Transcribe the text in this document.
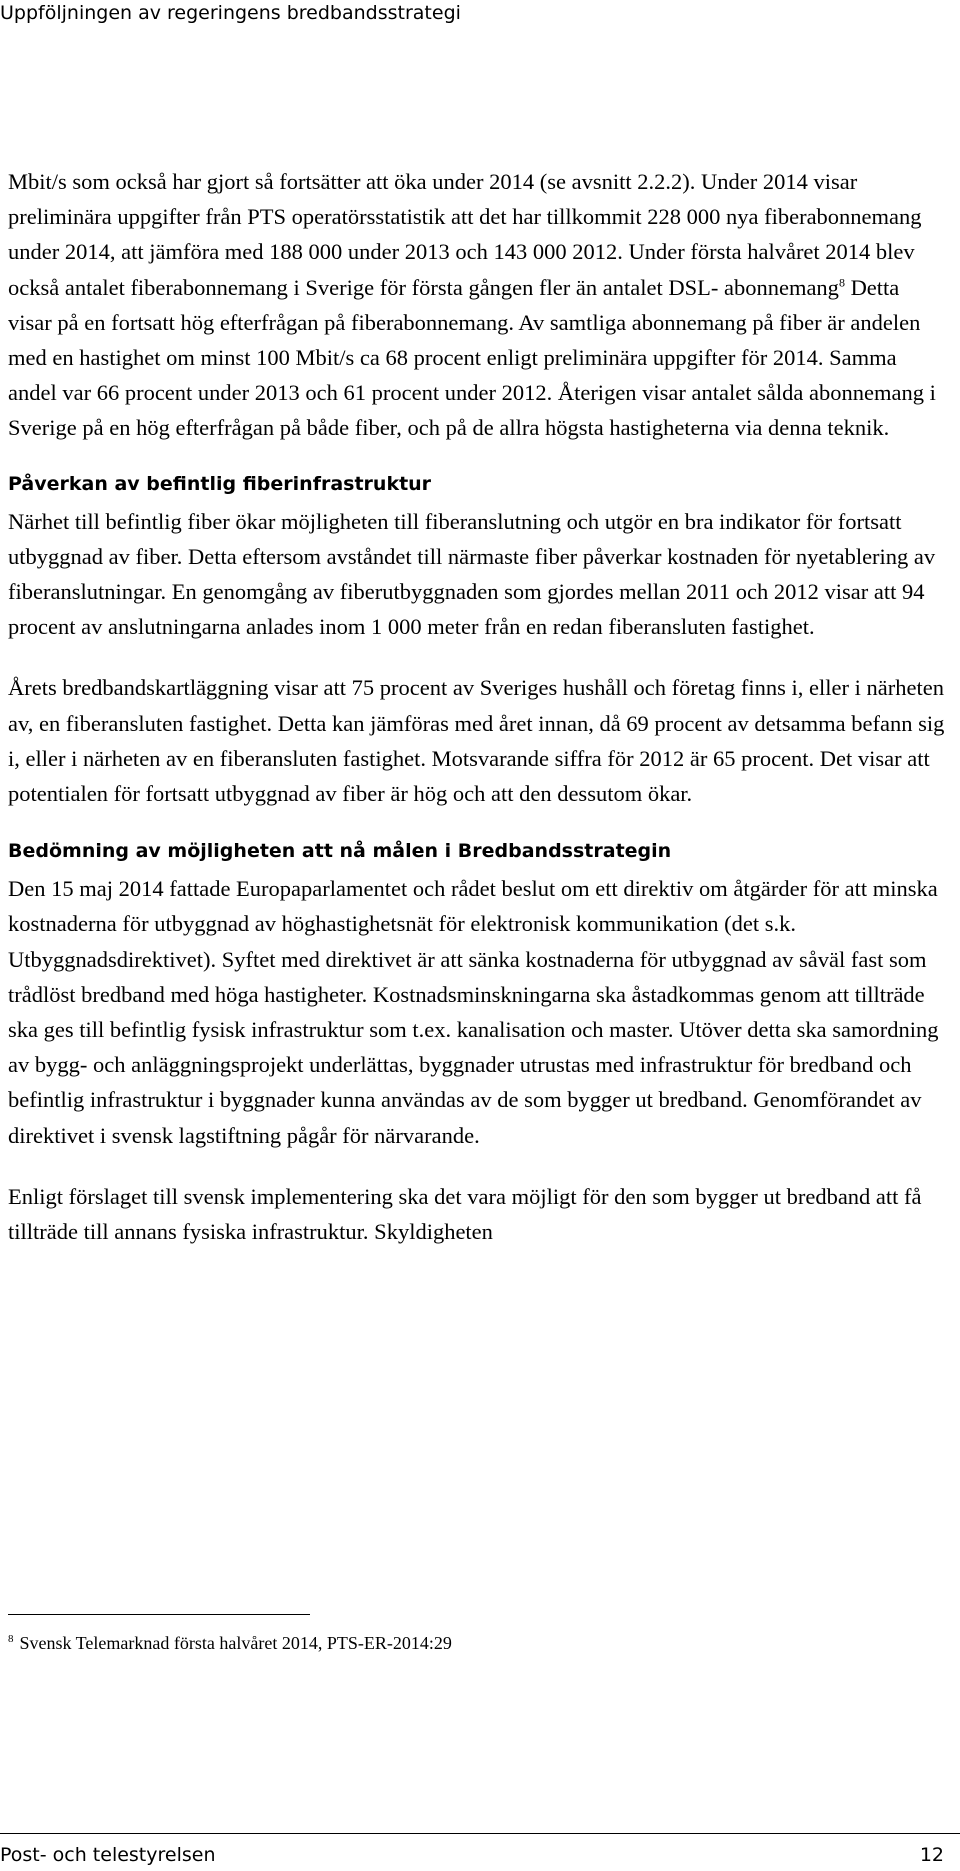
Uppföljningen av regeringens bredbandsstrategi

Mbit/s som också har gjort så fortsätter att öka under 2014 (se avsnitt 2.2.2). Under 2014 visar preliminära uppgifter från PTS operatörsstatistik att det har tillkommit 228 000 nya fiberabonnemang under 2014, att jämföra med 188 000 under 2013 och 143 000 2012. Under första halvåret 2014 blev också antalet fiberabonnemang i Sverige för första gången fler än antalet DSL- abonnemang$^8$ Detta visar på en fortsatt hög efterfrågan på fiberabonnemang. Av samtliga abonnemang på fiber är andelen med en hastighet om minst 100 Mbit/s ca 68 procent enligt preliminära uppgifter för 2014. Samma andel var 66 procent under 2013 och 61 procent under 2012. Återigen visar antalet sålda abonnemang i Sverige på en hög efterfrågan på både fiber, och på de allra högsta hastigheterna via denna teknik.

Påverkan av befintlig fiberinfrastruktur

Närhet till befintlig fiber ökar möjligheten till fiberanslutning och utgör en bra indikator för fortsatt utbyggnad av fiber. Detta eftersom avståndet till närmaste fiber påverkar kostnaden för nyetablering av fiberanslutningar. En genomgång av fiberutbyggnaden som gjordes mellan 2011 och 2012 visar att 94 procent av anslutningarna anlades inom 1 000 meter från en redan fiberansluten fastighet.

Årets bredbandskartläggning visar att 75 procent av Sveriges hushåll och företag finns i, eller i närheten av, en fiberansluten fastighet. Detta kan jämföras med året innan, då 69 procent av detsamma befann sig i, eller i närheten av en fiberansluten fastighet. Motsvarande siffra för 2012 är 65 procent. Det visar att potentialen för fortsatt utbyggnad av fiber är hög och att den dessutom ökar.

Bedömning av möjligheten att nå målen i Bredbandsstrategin

Den 15 maj 2014 fattade Europaparlamentet och rådet beslut om ett direktiv om åtgärder för att minska kostnaderna för utbyggnad av höghastighetsnät för elektronisk kommunikation (det s.k. Utbyggnadsdirektivet). Syftet med direktivet är att sänka kostnaderna för utbyggnad av såväl fast som trådlöst bredband med höga hastigheter. Kostnadsminskningarna ska åstadkommas genom att tillträde ska ges till befintlig fysisk infrastruktur som t.ex. kanalisation och master. Utöver detta ska samordning av bygg- och anläggningsprojekt underlättas, byggnader utrustas med infrastruktur för bredband och befintlig infrastruktur i byggnader kunna användas av de som bygger ut bredband. Genomförandet av direktivet i svensk lagstiftning pågår för närvarande.

Enligt förslaget till svensk implementering ska det vara möjligt för den som bygger ut bredband att få tillträde till annans fysiska infrastruktur. Skyldigheten

$^8$ Svensk Telemarknad första halvåret 2014, PTS-ER-2014:29
Post- och telestyrelsen	12
